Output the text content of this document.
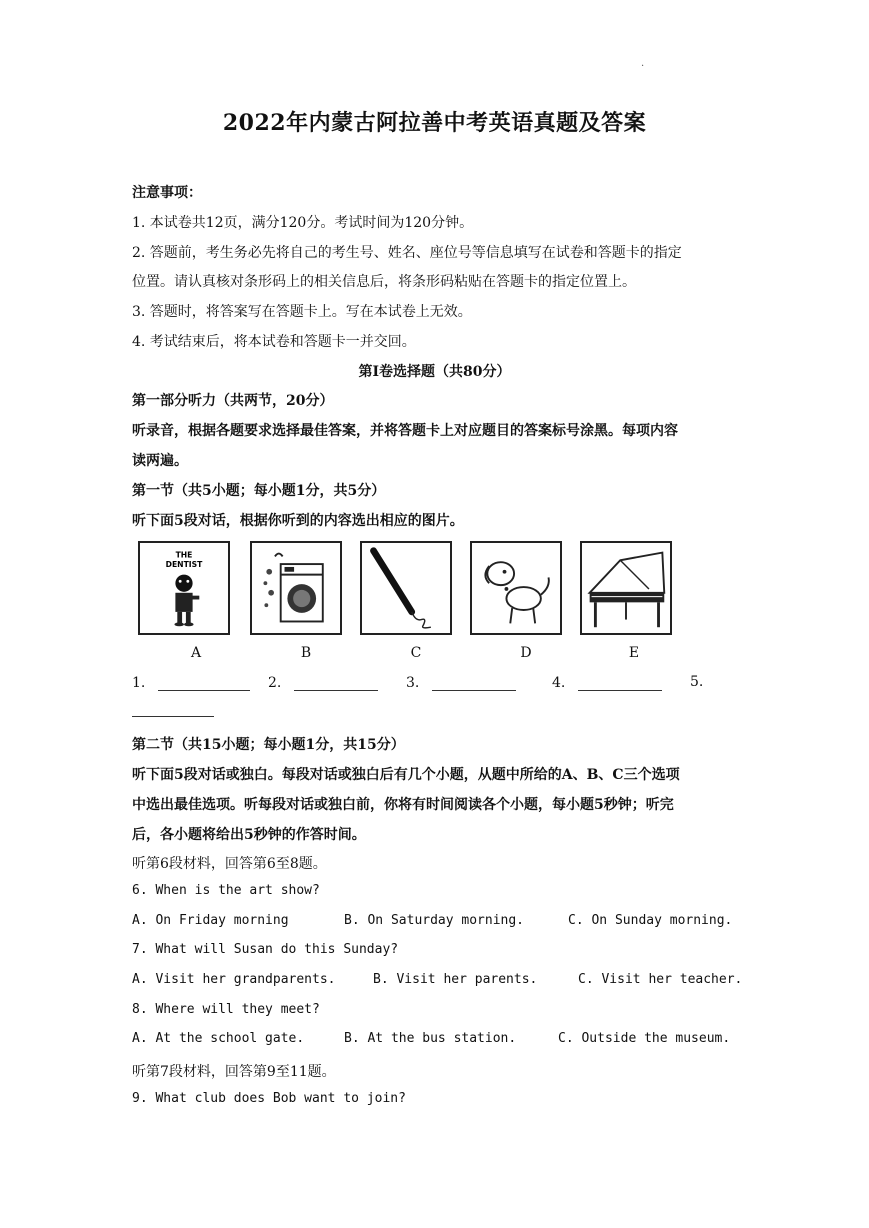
.
2022年内蒙古阿拉善中考英语真题及答案
注意事项：
1. 本试卷共12页，满分120分。考试时间为120分钟。
2. 答题前，考生务必先将自己的考生号、姓名、座位号等信息填写在试卷和答题卡的指定
位置。请认真核对条形码上的相关信息后，将条形码粘贴在答题卡的指定位置上。
3. 答题时，将答案写在答题卡上。写在本试卷上无效。
4. 考试结束后，将本试卷和答题卡一并交回。
第Ⅰ卷选择题（共80分）
第一部分听力（共两节，20分）
听录音，根据各题要求选择最佳答案，并将答题卡上对应题目的答案标号涂黑。每项内容
读两遍。
第一节（共5小题；每小题1分，共5分）
听下面5段对话，根据你听到的内容选出相应的图片。
THE
DENTIST
A	B	C	D	E
1.	2.	3.	4.	5.
第二节（共15小题；每小题1分，共15分）
听下面5段对话或独白。每段对话或独白后有几个小题，从题中所给的A、B、C三个选项
中选出最佳选项。听每段对话或独白前，你将有时间阅读各个小题，每小题5秒钟；听完
后，各小题将给出5秒钟的作答时间。
听第6段材料，回答第6至8题。
6. When is the art show?
A. On Friday morning	B. On Saturday morning.	C. On Sunday morning.
7. What will Susan do this Sunday?
A. Visit her grandparents.	B. Visit her parents.	C. Visit her teacher.
8. Where will they meet?
A. At the school gate.	B. At the bus station.	C. Outside the museum.
听第7段材料，回答第9至11题。
9. What club does Bob want to join?
